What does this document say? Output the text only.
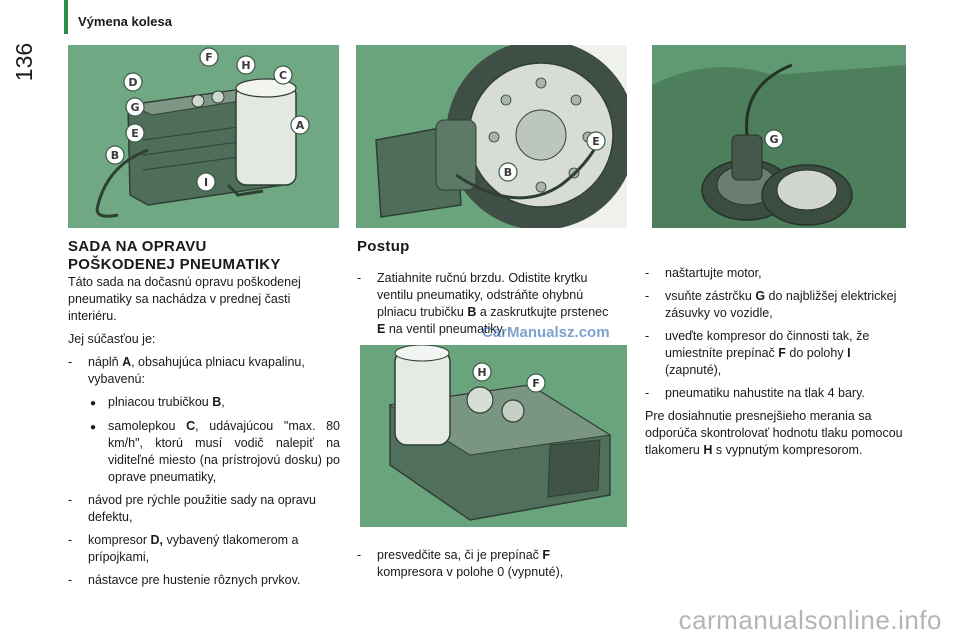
136
Výmena kolesa
F
H
D
C
G
E
A
B
I
E
B
G
H
F
SADA NA OPRAVU
POŠKODENEJ PNEUMATIKY

Táto sada na dočasnú opravu poškodenej pneumatiky sa nachádza v prednej časti interiéru.

Jej súčasťou je:

-	náplň A, obsahujúca plniacu kvapalinu, vybavenú:
● plniacou trubičkou B,
● samolepkou C, udávajúcou "max. 80 km/h", ktorú musí vodič nalepiť na viditeľné miesto (na prístrojovú dosku) po oprave pneumatiky,
-	návod pre rýchle použitie sady na opravu defektu,
-	kompresor D, vybavený tlakomerom a prípojkami,
-	nástavce pre hustenie rôznych prvkov.
Postup
-	Zatiahnite ručnú brzdu. Odistite krytku ventilu pneumatiky, odstráňte ohybnú plniacu trubičku B a zaskrutkujte prstenec E na ventil pneumatiky,
-	presvedčite sa, či je prepínač F kompresora v polohe 0 (vypnuté),
-	naštartujte motor,
-	vsuňte zástrčku G do najbližšej elektrickej zásuvky vo vozidle,
-	uveďte kompresor do činnosti tak, že umiestníte prepínač F do polohy I (zapnuté),
-	pneumatiku nahustite na tlak 4 bary.

Pre dosiahnutie presnejšieho merania sa odporúča skontrolovať hodnotu tlaku pomocou tlakomeru H s vypnutým kompresorom.

CarManualsz.com
carmanualsonline.info
